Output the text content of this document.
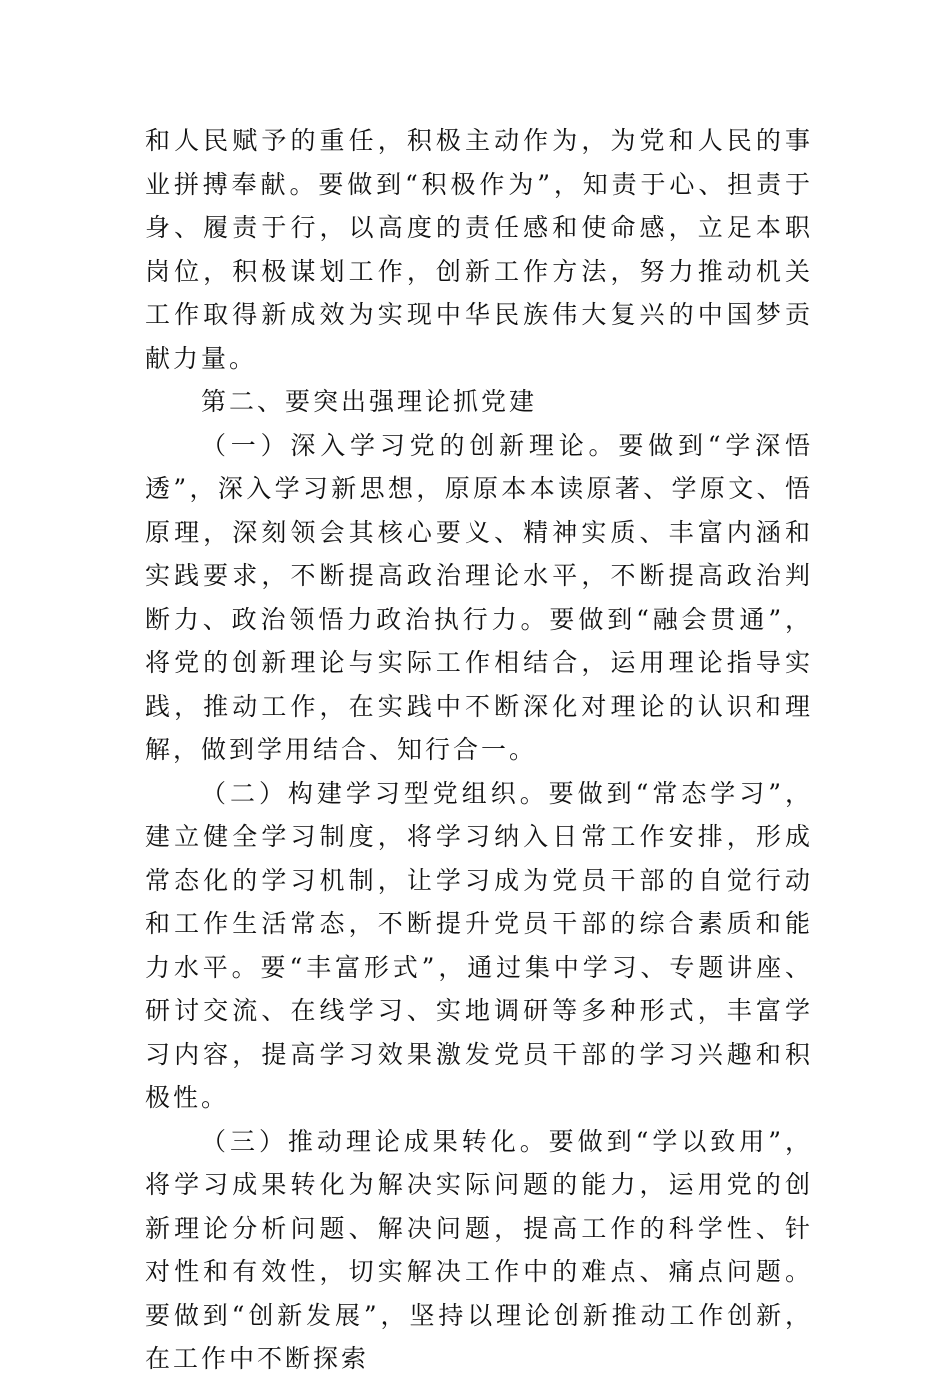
和人民赋予的重任，积极主动作为，为党和人民的事业拼搏奉献。要做到“积极作为”，知责于心、担责于身、履责于行，以高度的责任感和使命感，立足本职岗位，积极谋划工作，创新工作方法，努力推动机关工作取得新成效为实现中华民族伟大复兴的中国梦贡献力量。

第二、要突出强理论抓党建

（一）深入学习党的创新理论。要做到“学深悟透”，深入学习新思想，原原本本读原著、学原文、悟原理，深刻领会其核心要义、精神实质、丰富内涵和实践要求，不断提高政治理论水平，不断提高政治判断力、政治领悟力政治执行力。要做到“融会贯通”，将党的创新理论与实际工作相结合，运用理论指导实践，推动工作，在实践中不断深化对理论的认识和理解，做到学用结合、知行合一。

（二）构建学习型党组织。要做到“常态学习”，建立健全学习制度，将学习纳入日常工作安排，形成常态化的学习机制，让学习成为党员干部的自觉行动和工作生活常态，不断提升党员干部的综合素质和能力水平。要“丰富形式”，通过集中学习、专题讲座、研讨交流、在线学习、实地调研等多种形式，丰富学习内容，提高学习效果激发党员干部的学习兴趣和积极性。

（三）推动理论成果转化。要做到“学以致用”，将学习成果转化为解决实际问题的能力，运用党的创新理论分析问题、解决问题，提高工作的科学性、针对性和有效性，切实解决工作中的难点、痛点问题。要做到“创新发展”，坚持以理论创新推动工作创新，在工作中不断探索
